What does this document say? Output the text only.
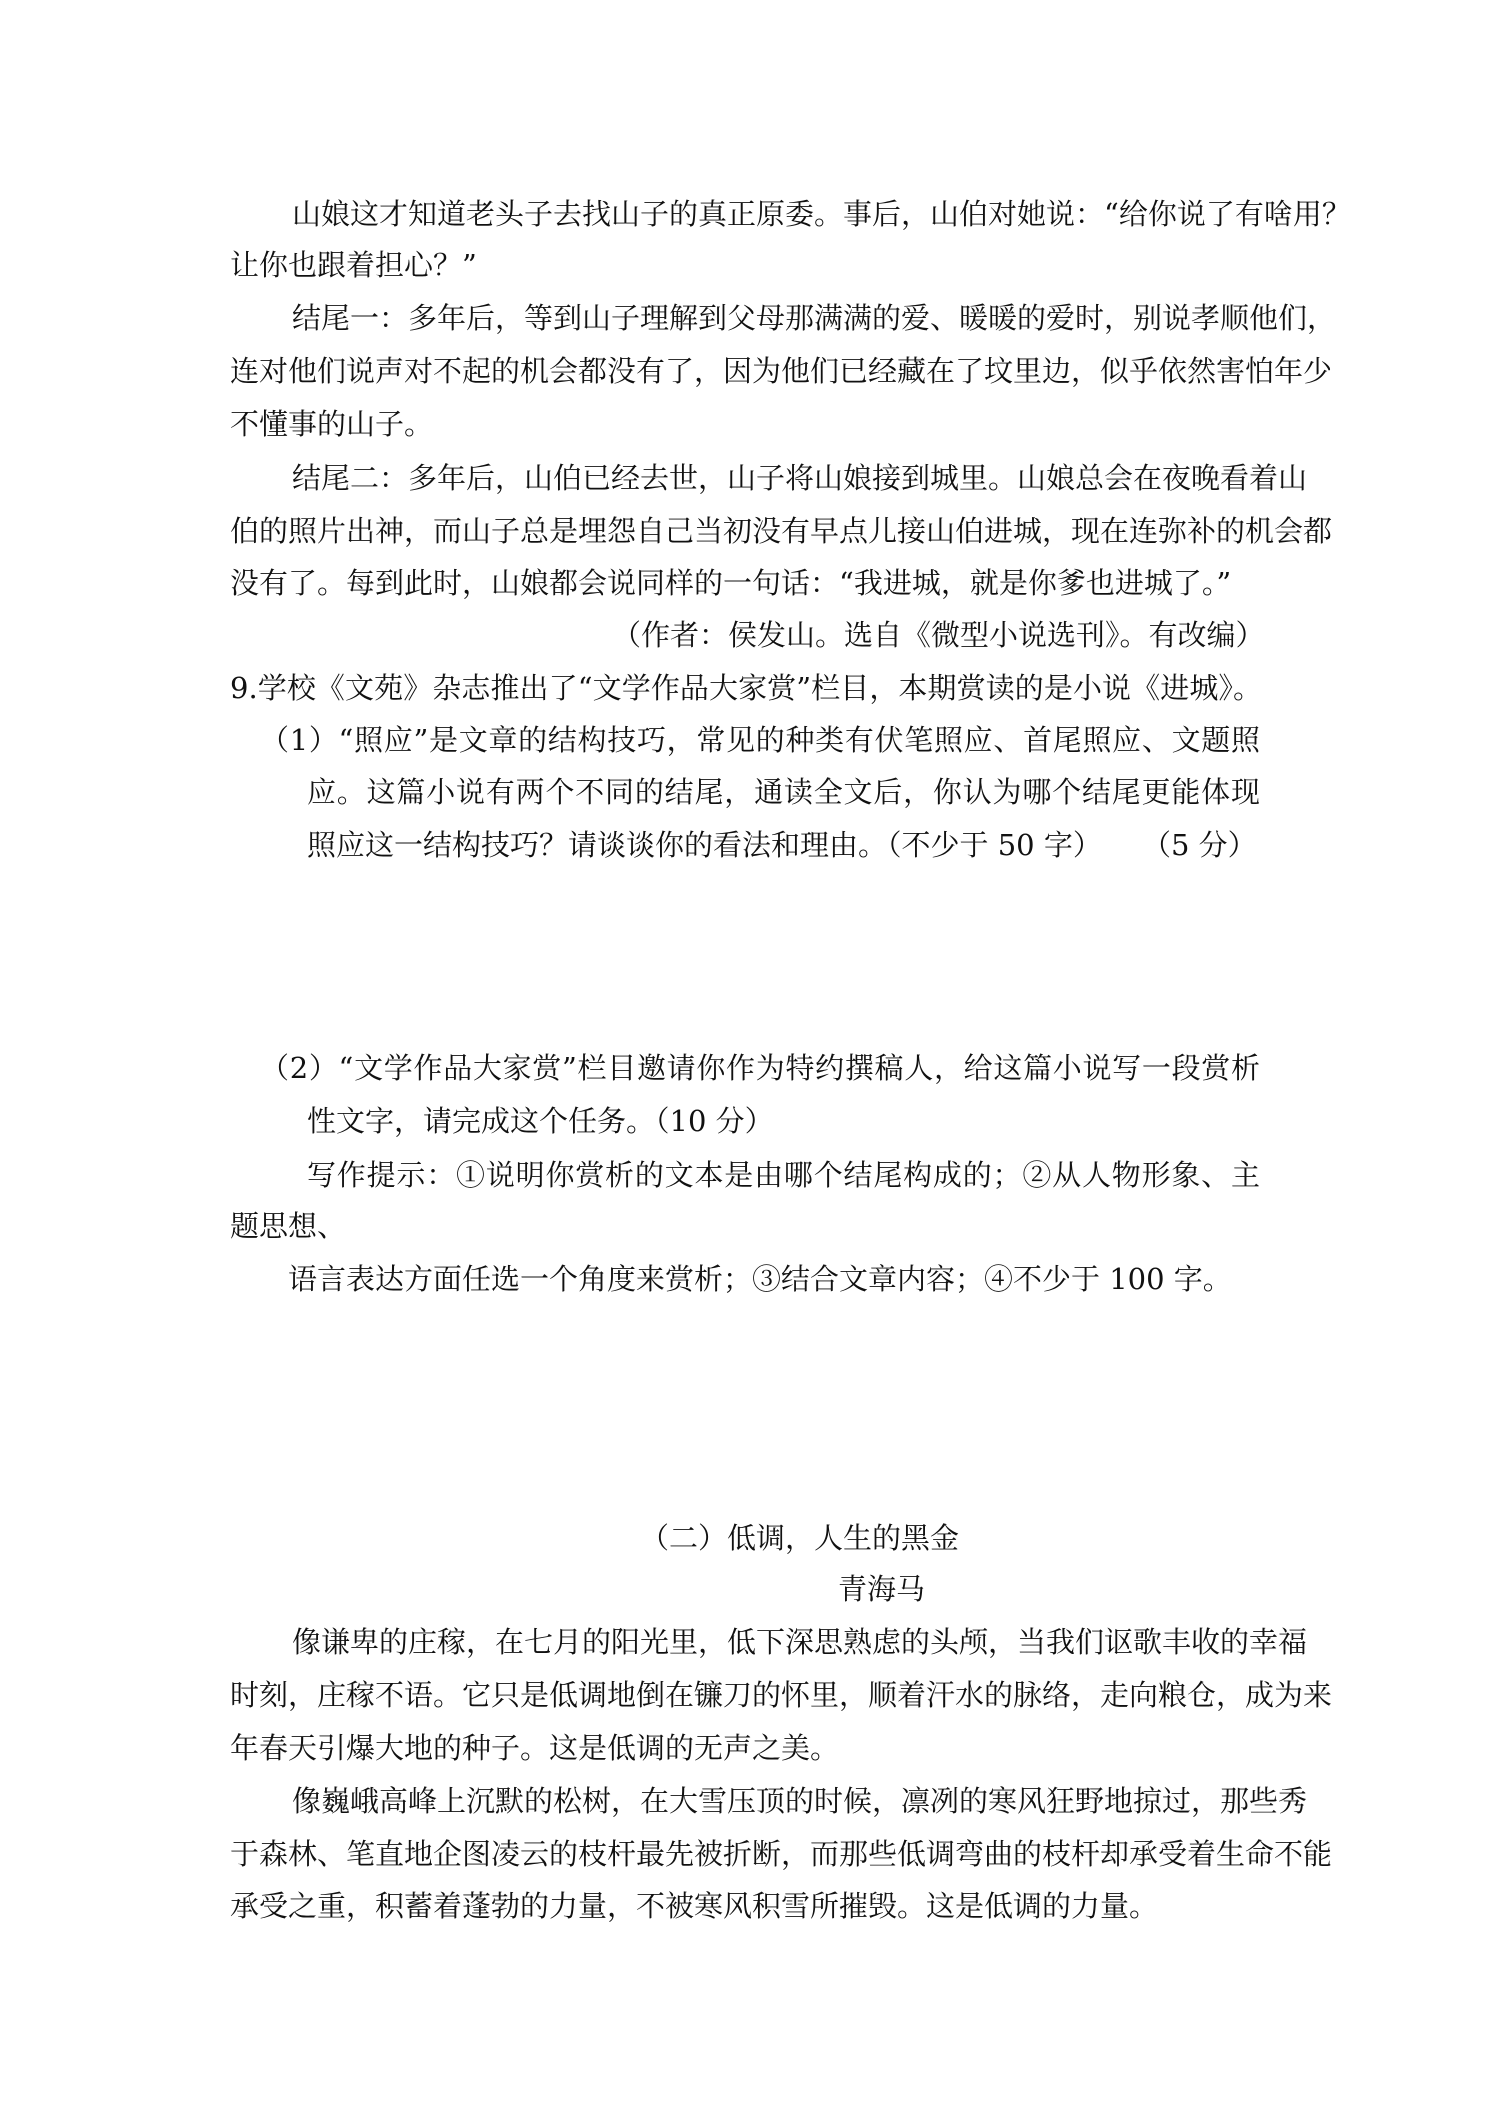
山娘这才知道老头子去找山子的真正原委。事后，山伯对她说：“给你说了有啥用？

让你也跟着担心？”

结尾一：多年后，等到山子理解到父母那满满的爱、暖暖的爱时，别说孝顺他们，

连对他们说声对不起的机会都没有了，因为他们已经藏在了坟里边，似乎依然害怕年少

不懂事的山子。

结尾二：多年后，山伯已经去世，山子将山娘接到城里。山娘总会在夜晚看着山

伯的照片出神，而山子总是埋怨自己当初没有早点儿接山伯进城，现在连弥补的机会都

没有了。每到此时，山娘都会说同样的一句话：“我进城，就是你爹也进城了。”

（作者：侯发山。选自《微型小说选刊》。有改编）

9.学校《文苑》杂志推出了“文学作品大家赏”栏目，本期赏读的是小说《进城》。

（1）“照应”是文章的结构技巧，常见的种类有伏笔照应、首尾照应、文题照

应。这篇小说有两个不同的结尾，通读全文后，你认为哪个结尾更能体现

照应这一结构技巧？请谈谈你的看法和理由。（不少于 50 字） （5 分）

（2）“文学作品大家赏”栏目邀请你作为特约撰稿人，给这篇小说写一段赏析

性文字，请完成这个任务。（10 分）

写作提示：①说明你赏析的文本是由哪个结尾构成的；②从人物形象、主

题思想、

语言表达方面任选一个角度来赏析；③结合文章内容；④不少于 100 字。

（二）低调，人生的黑金

青海马

像谦卑的庄稼，在七月的阳光里，低下深思熟虑的头颅，当我们讴歌丰收的幸福

时刻，庄稼不语。它只是低调地倒在镰刀的怀里，顺着汗水的脉络，走向粮仓，成为来

年春天引爆大地的种子。这是低调的无声之美。

像巍峨高峰上沉默的松树，在大雪压顶的时候，凛冽的寒风狂野地掠过，那些秀

于森林、笔直地企图凌云的枝杆最先被折断，而那些低调弯曲的枝杆却承受着生命不能

承受之重，积蓄着蓬勃的力量，不被寒风积雪所摧毁。这是低调的力量。
